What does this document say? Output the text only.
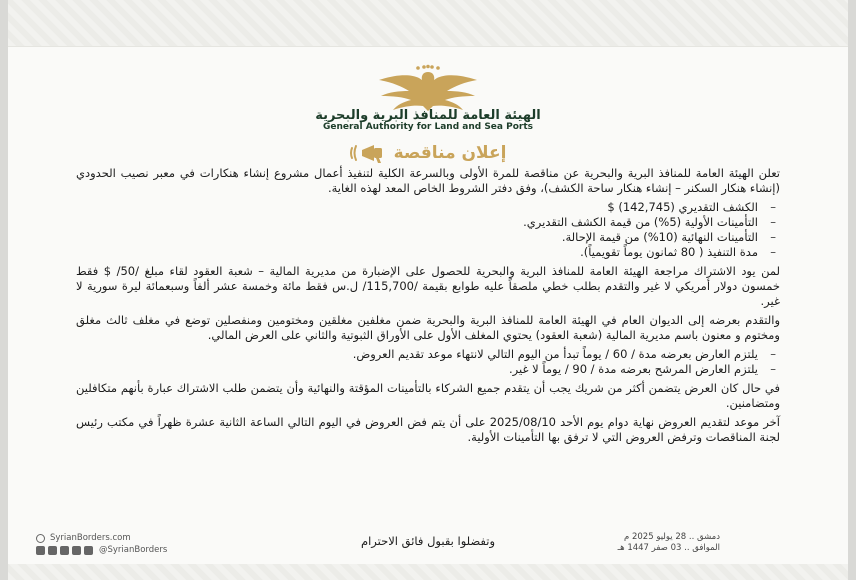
الهيئة العامة للمنافذ البرية والبحرية
General Authority for Land and Sea Ports
إعلان مناقصة

تعلن الهيئة العامة للمنافذ البرية والبحرية عن مناقصة للمرة الأولى وبالسرعة الكلية لتنفيذ أعمال مشروع إنشاء هنكارات في معبر نصيب الحدودي (إنشاء هنكار السكنر – إنشاء هنكار ساحة الكشف)، وفق دفتر الشروط الخاص المعد لهذه الغاية.

– الكشف التقديري (142,745) $
– التأمينات الأولية (5%) من قيمة الكشف التقديري.
– التأمينات النهائية (10%) من قيمة الإحالة.
– مدة التنفيذ ( 80 ثمانون يوماً تقويمياً).

لمن يود الاشتراك مراجعة الهيئة العامة للمنافذ البرية والبحرية للحصول على الإضبارة من مديرية المالية – شعبة العقود لقاء مبلغ /50/ $ فقط خمسون دولار أمريكي لا غير والتقدم بطلب خطي ملصقاً عليه طوابع بقيمة /115,700/ ل.س فقط مائة وخمسة عشر ألفاً وسبعمائة ليرة سورية لا غير.

والتقدم بعرضه إلى الديوان العام في الهيئة العامة للمنافذ البرية والبحرية ضمن مغلفين مغلقين ومختومين ومنفصلين توضع في مغلف ثالث مغلق ومختوم و معنون باسم مديرية المالية (شعبة العقود) يحتوي المغلف الأول على الأوراق الثبوتية والثاني على العرض المالي.

– يلتزم العارض بعرضه مدة / 60 / يوماً تبدأ من اليوم التالي لانتهاء موعد تقديم العروض.
– يلتزم العارض المرشح بعرضه مدة / 90 / يوماً لا غير.

في حال كان العرض يتضمن أكثر من شريك يجب أن يتقدم جميع الشركاء بالتأمينات المؤقتة والنهائية وأن يتضمن طلب الاشتراك عبارة بأنهم متكافلين ومتضامنين.

آخر موعد لتقديم العروض نهاية دوام يوم الأحد 2025/08/10 على أن يتم فض العروض في اليوم التالي الساعة الثانية عشرة ظهراً في مكتب رئيس لجنة المناقصات وترفض العروض التي لا ترفق بها التأمينات الأولية.

وتفضلوا بقبول فائق الاحترام	دمشق .. 28 يوليو 2025 م
الموافق .. 03 صفر 1447 هـ
SyrianBorders.com
@SyrianBorders
